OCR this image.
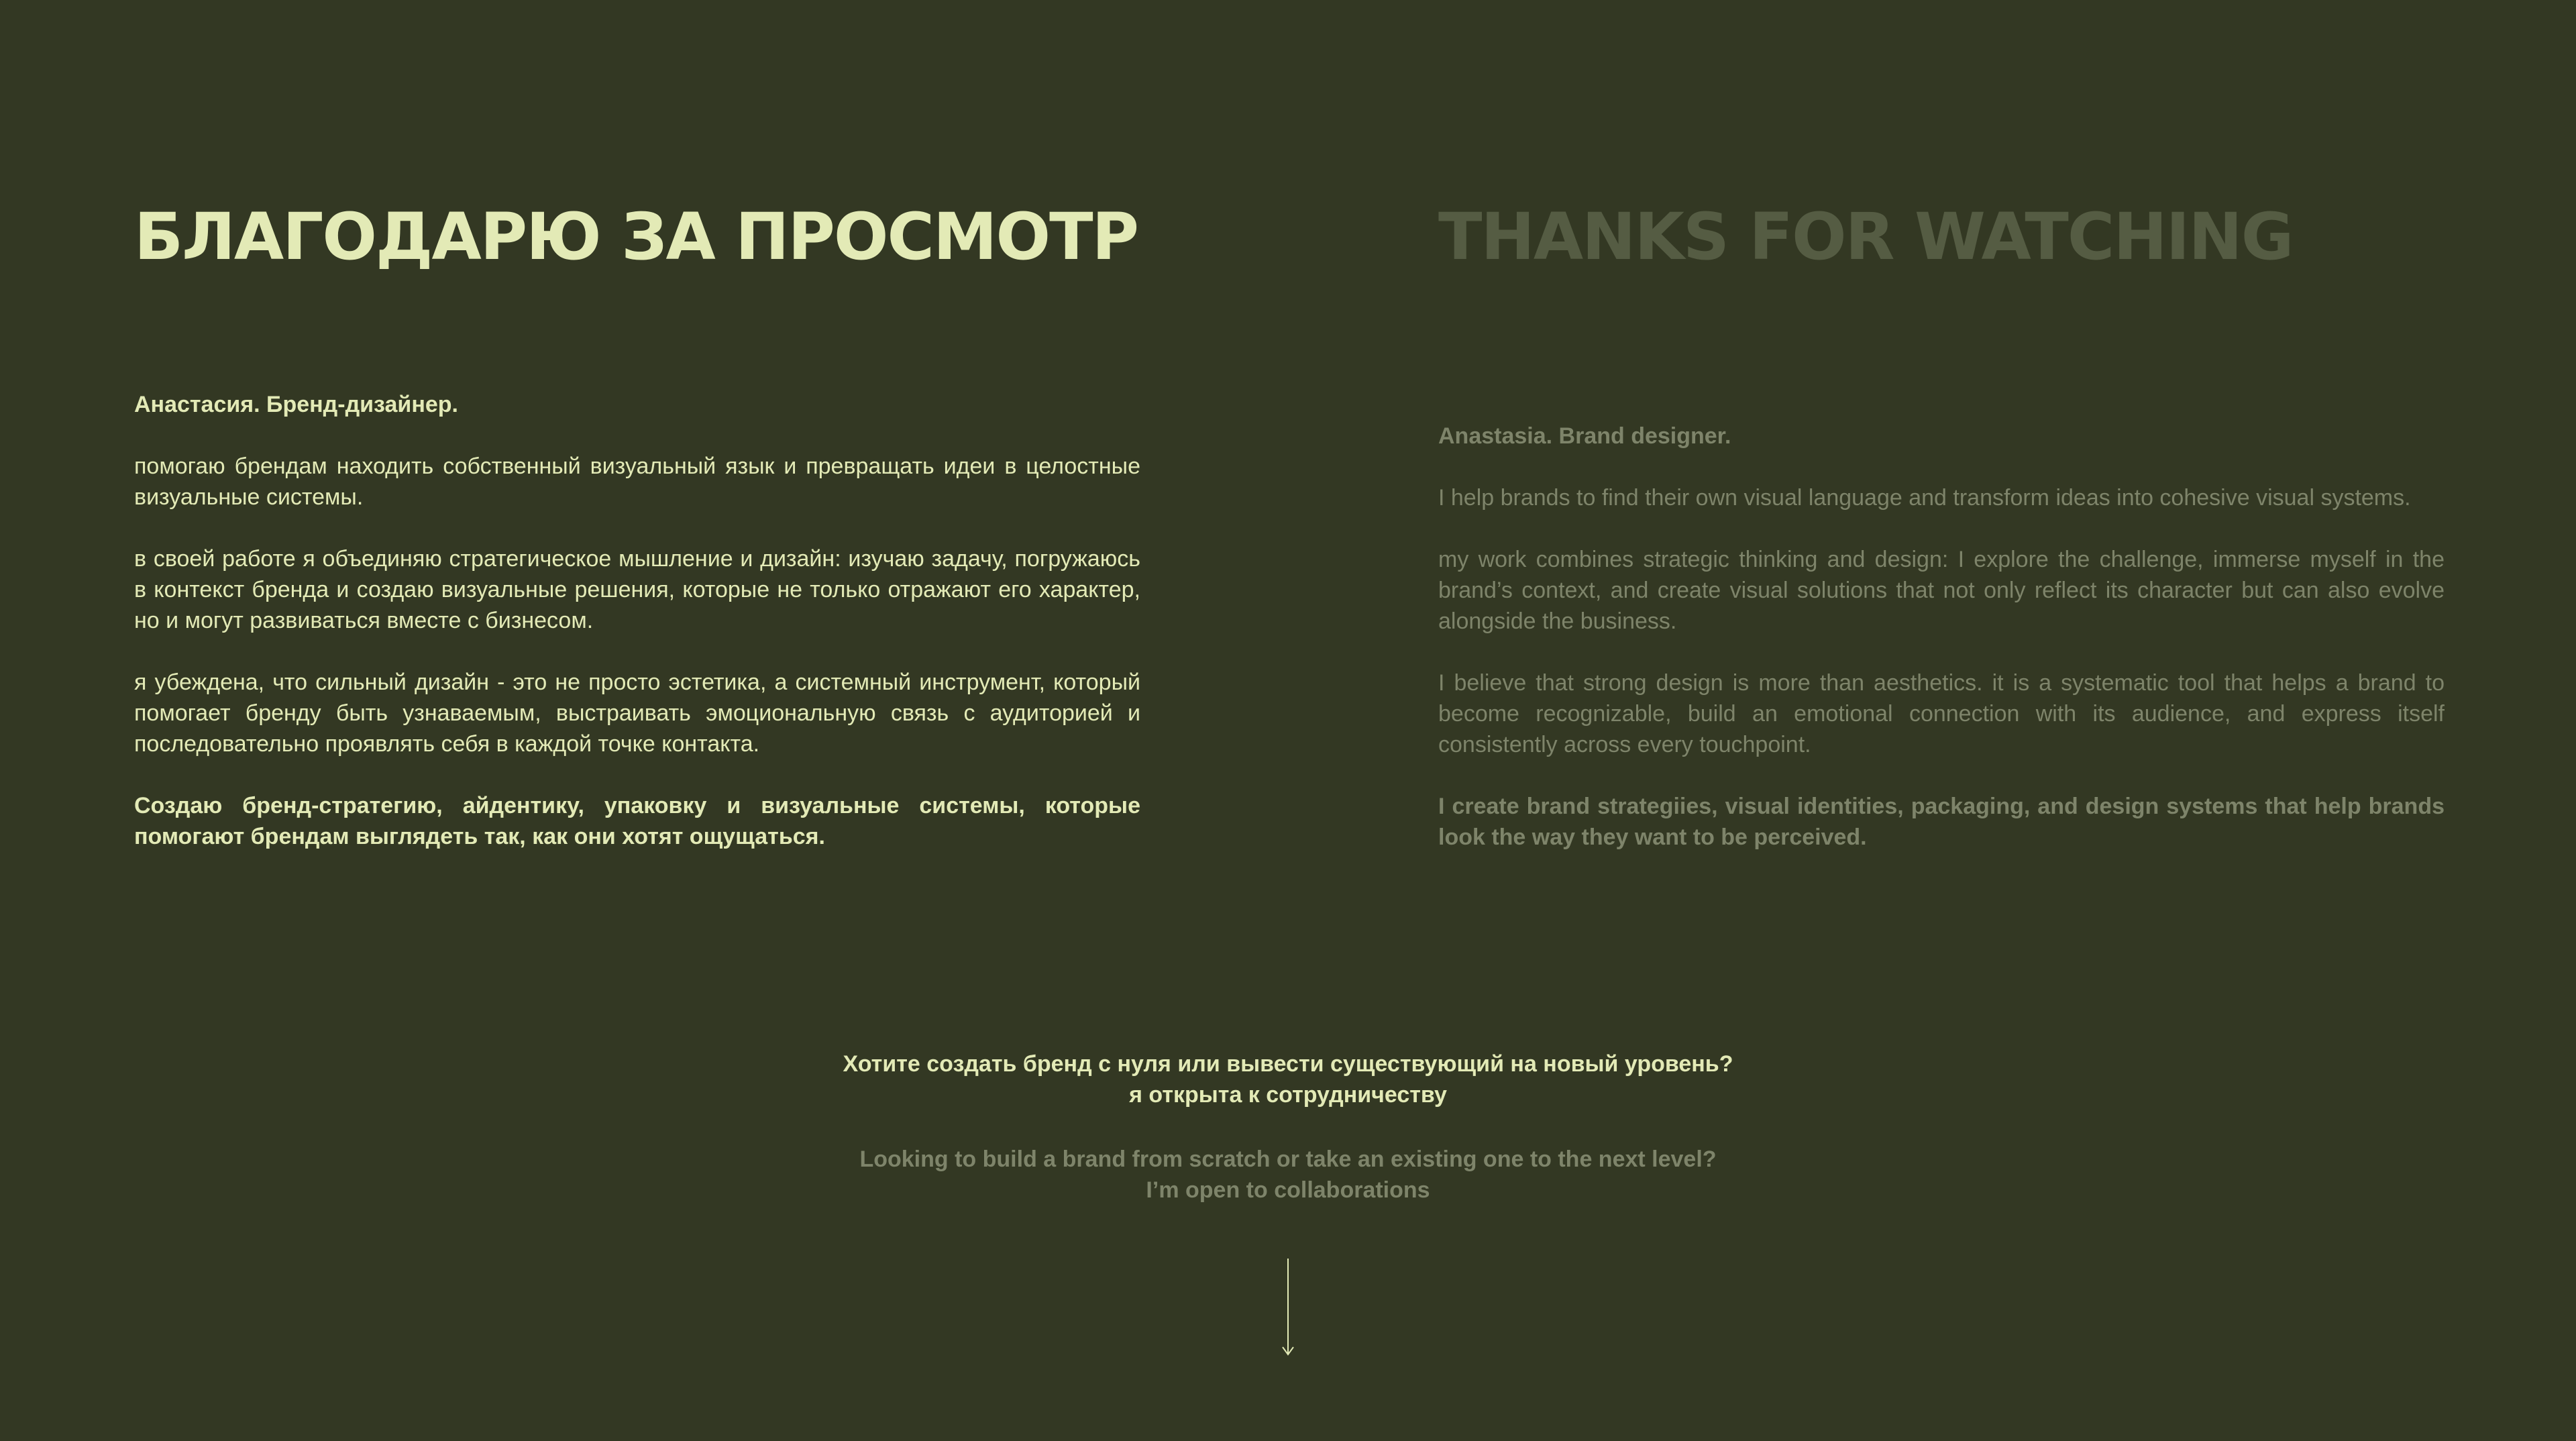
БЛАГОДАРЮ ЗА ПРОСМОТР

Анастасия. Бренд-дизайнер.

помогаю брендам находить собственный визуальный язык и превращать идеи в целостные визуальные системы.

в своей работе я объединяю стратегическое мышление и дизайн: изучаю задачу, погружаюсь в контекст бренда и создаю визуальные решения, которые не только отражают его характер, но и могут развиваться вместе с бизнесом.

я убеждена, что сильный дизайн - это не просто эстетика, а системный инструмент, который помогает бренду быть узнаваемым, выстраивать эмоциональную связь с аудиторией и последовательно проявлять себя в каждой точке контакта.

Создаю бренд-стратегию, айдентику, упаковку и визуальные системы, которые помогают брендам выглядеть так, как они хотят ощущаться.

THANKS FOR WATCHING

Anastasia. Brand designer.

I help brands to find their own visual language and transform ideas into cohesive visual systems.

my work combines strategic thinking and design: I explore the challenge, immerse myself in the brand’s context, and create visual solutions that not only reflect its character but can also evolve alongside the business.

I believe that strong design is more than aesthetics. it is a systematic tool that helps a brand to become recognizable, build an emotional connection with its audience, and express itself consistently across every touchpoint.

I create brand strategiies, visual identities, packaging, and design systems that help brands look the way they want to be perceived.

Хотите создать бренд с нуля или вывести существующий на новый уровень?

я открыта к сотрудничеству

Looking to build a brand from scratch or take an existing one to the next level?

I’m open to collaborations
